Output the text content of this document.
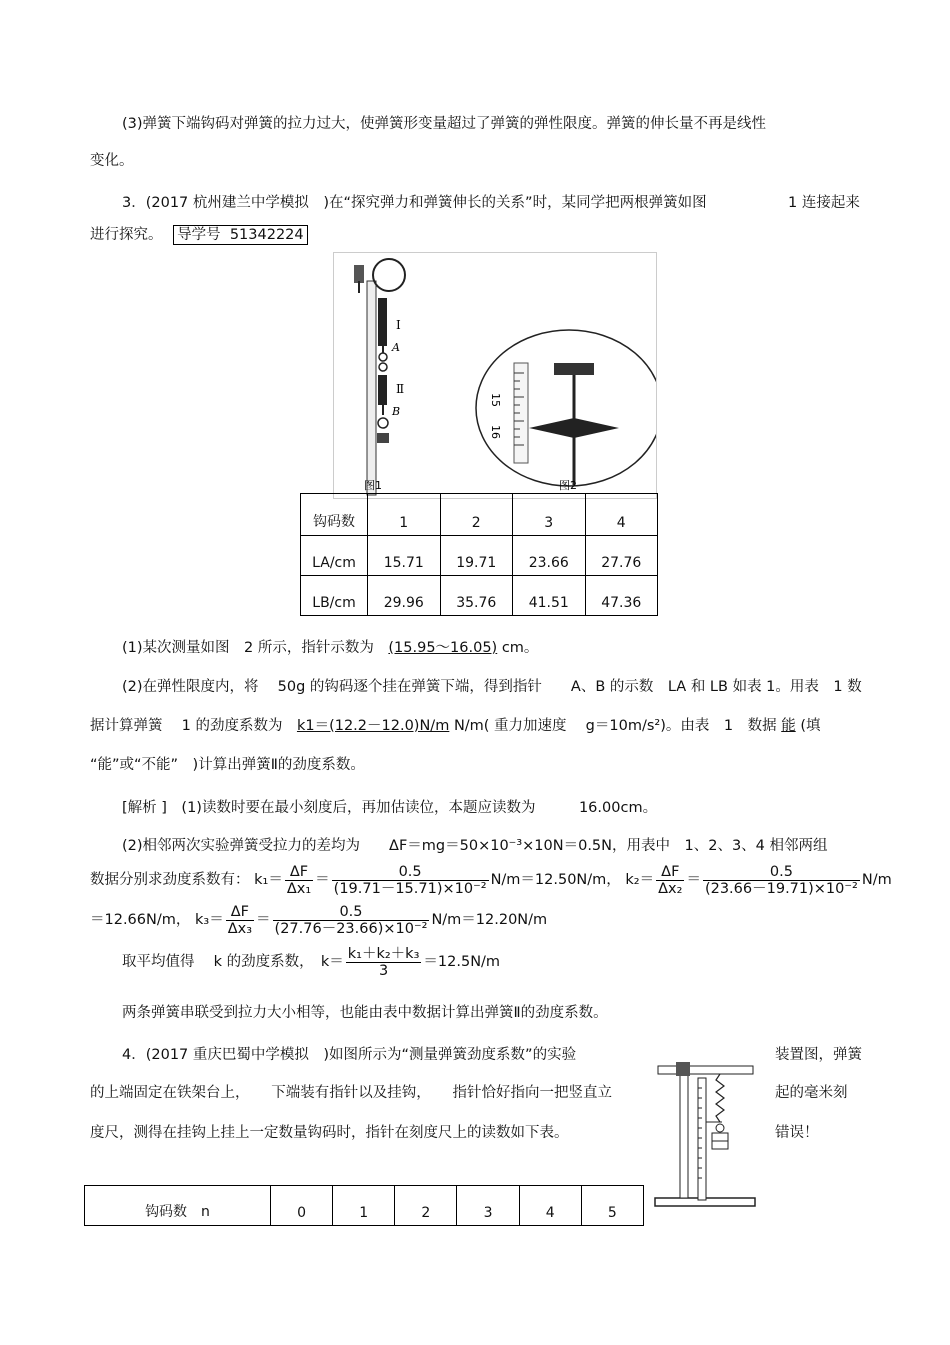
(3)弹簧下端钩码对弹簧的拉力过大，使弹簧形变量超过了弹簧的弹性限度。弹簧的伸长量不再是线性
变化。
3．(2017 杭州建兰中学模拟　)在“探究弹力和弹簧伸长的关系”时，某同学把两根弹簧如图	1 连接起来
进行探究。 导学号 51342224
Ⅰ
A
Ⅱ
B
图1
15
16
图2
钩码数	1	2	3	4
LA/cm	15.71	19.71	23.66	27.76
LB/cm	29.96	35.76	41.51	47.36
(1)某次测量如图　2 所示，指针示数为　(15.95～16.05) cm。
(2)在弹性限度内，将　 50g 的钩码逐个挂在弹簧下端，得到指针　　A、B 的示数　LA 和 LB 如表 1。用表　1 数
据计算弹簧　 1 的劲度系数为　k1＝(12.2－12.0)N/m N/m( 重力加速度　 g＝10m/s²)。由表　1　数据 能 (填
“能”或“不能”　)计算出弹簧Ⅱ的劲度系数。
[解析 ]　(1)读数时要在最小刻度后，再加估读位，本题应读数为　　　16.00cm。
(2)相邻两次实验弹簧受拉力的差均为　　ΔF＝mg＝50×10⁻³×10N＝0.5N，用表中　1、2、3、4 相邻两组
数据分别求劲度系数有： $k_1= \frac{\Delta F}{\text{Δx₁}} = \frac{0.5}{\text{(19.71－15.71)×10⁻²}} N/m=12.50N/m$， $k_2= \frac{\Delta F}{\text{Δx₂}} = \frac{0.5}{\text{(23.66－19.71)×10⁻²}} N/m$
＝12.66N/m， $k_3= \frac{\Delta F}{\text{Δx₃}} = \frac{0.5}{\text{(27.76－23.66)×10⁻²}} N/m=12.20N/m$
取平均值得　 k 的劲度系数，　$k= \frac{\text{k₁＋k₂＋k₃}}{3} =12.5N/m$
两条弹簧串联受到拉力大小相等，也能由表中数据计算出弹簧Ⅱ的劲度系数。
4．(2017 重庆巴蜀中学模拟　)如图所示为“测量弹簧劲度系数”的实验	装置图，弹簧
的上端固定在铁架台上，　　下端装有指针以及挂钩，　　指针恰好指向一把竖直立	起的毫米刻
度尺，测得在挂钩上挂上一定数量钩码时，指针在刻度尺上的读数如下表。	错误！
钩码数　n	0	1	2	3	4	5
